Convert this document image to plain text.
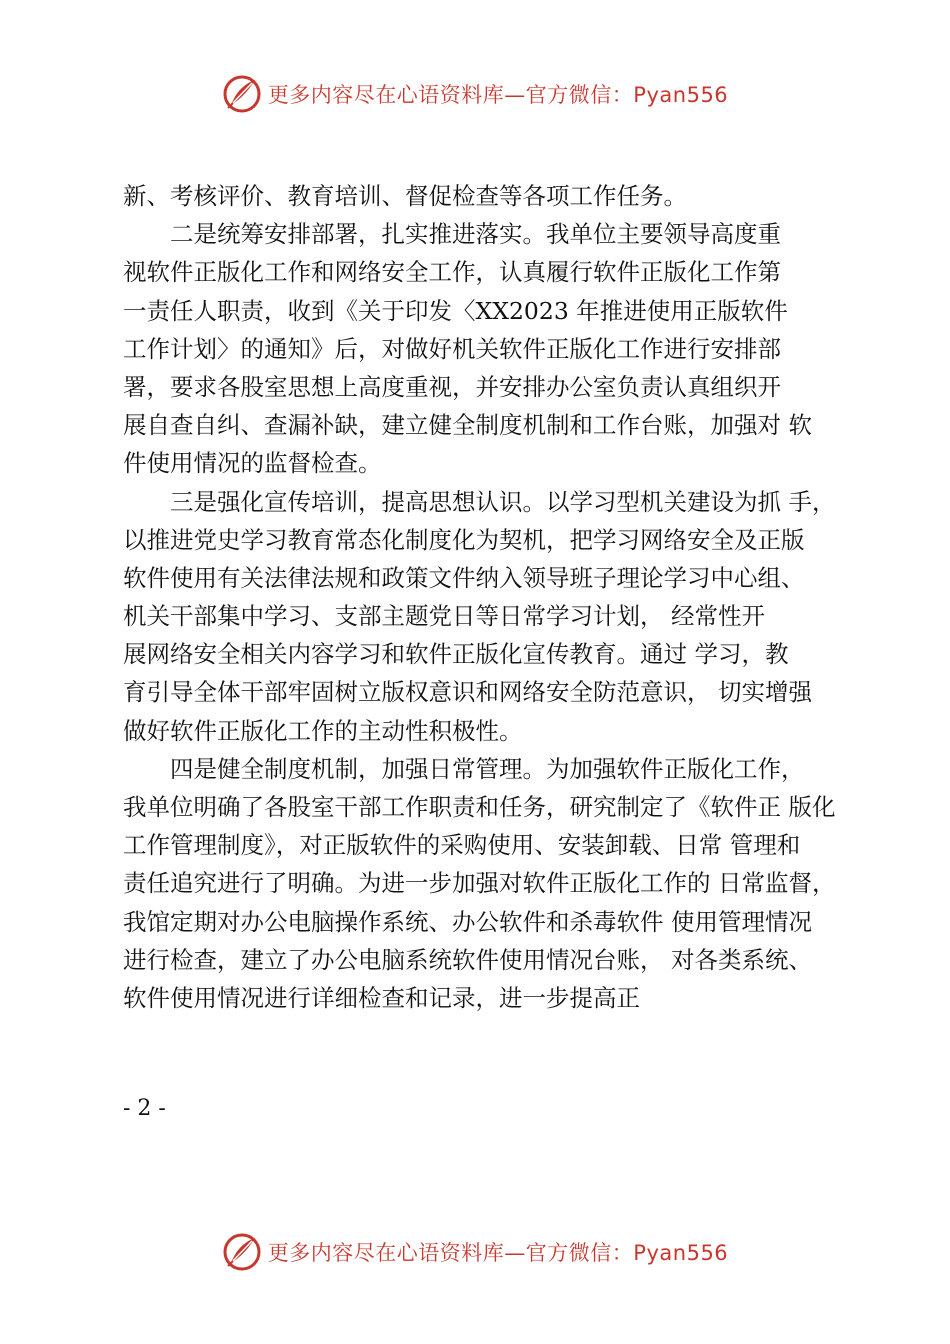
更多内容尽在心语资料库—官方微信：Pyan556
新、考核评价、教育培训、督促检查等各项工作任务。
二是统筹安排部署，扎实推进落实。我单位主要领导高度重
视软件正版化工作和网络安全工作，认真履行软件正版化工作第
一责任人职责，收到《关于印发〈XX2023 年推进使用正版软件
工作计划〉的通知》后，对做好机关软件正版化工作进行安排部
署，要求各股室思想上高度重视，并安排办公室负责认真组织开
展自查自纠、查漏补缺，建立健全制度机制和工作台账，加强对 软
件使用情况的监督检查。
三是强化宣传培训，提高思想认识。以学习型机关建设为抓 手，
以推进党史学习教育常态化制度化为契机，把学习网络安全及正版
软件使用有关法律法规和政策文件纳入领导班子理论学习中心组、
机关干部集中学习、支部主题党日等日常学习计划， 经常性开
展网络安全相关内容学习和软件正版化宣传教育。通过 学习，教
育引导全体干部牢固树立版权意识和网络安全防范意识， 切实增强
做好软件正版化工作的主动性积极性。
四是健全制度机制，加强日常管理。为加强软件正版化工作，
我单位明确了各股室干部工作职责和任务，研究制定了《软件正 版化
工作管理制度》，对正版软件的采购使用、安装卸载、日常 管理和
责任追究进行了明确。为进一步加强对软件正版化工作的 日常监督，
我馆定期对办公电脑操作系统、办公软件和杀毒软件 使用管理情况
进行检查，建立了办公电脑系统软件使用情况台账， 对各类系统、
软件使用情况进行详细检查和记录，进一步提高正
- 2 -
更多内容尽在心语资料库—官方微信：Pyan556
